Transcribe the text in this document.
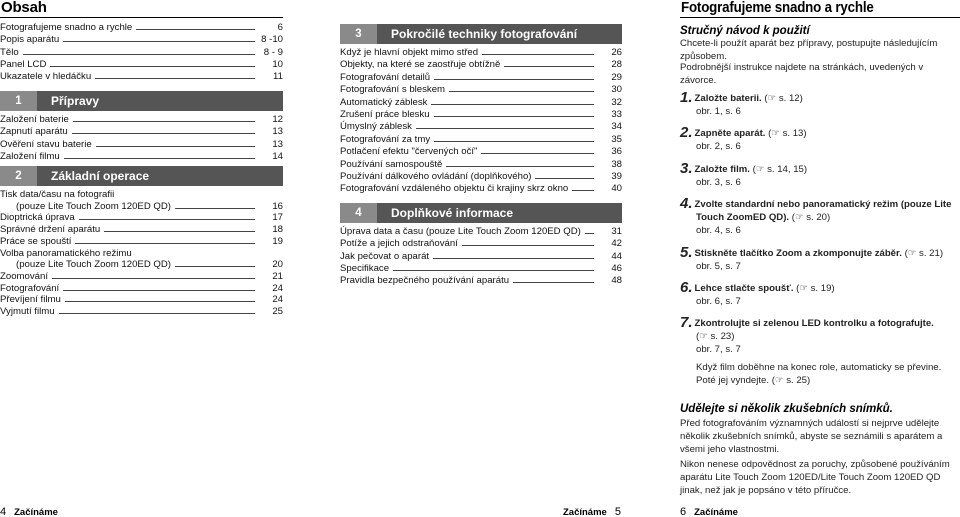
Obsah
Fotografujeme snadno a rychle	6
Popis aparátu	8 -10
Tělo	8 - 9
Panel LCD	10
Ukazatele v hledáčku	11
1	Přípravy
Založení baterie	12
Zapnutí aparátu	13
Ověření stavu baterie	13
Založení filmu	14
2	Základní operace
Tisk data/času na fotografii
(pouze Lite Touch Zoom 120ED QD)	16
Dioptrická úprava	17
Správné držení aparátu	18
Práce se spouští	19
Volba panoramatického režimu
(pouze Lite Touch Zoom 120ED QD)	20
Zoomování	21
Fotografování	24
Převíjení filmu	24
Vyjmutí filmu	25
3	Pokročilé techniky fotografování
Když je hlavní objekt mimo střed	26
Objekty, na které se zaostřuje obtížně	28
Fotografování detailů	29
Fotografování s bleskem	30
Automatický záblesk	32
Zrušení práce blesku	33
Úmyslný záblesk	34
Fotografování za tmy	35
Potlačení efektu "červených očí"	36
Používání samospouště	38
Používání dálkového ovládání (doplňkového)	39
Fotografování vzdáleného objektu či krajiny skrz okno	40
4	Doplňkové informace
Úprava data a času (pouze Lite Touch Zoom 120ED QD)	31
Potíže a jejich odstraňování	42
Jak pečovat o aparát	44
Specifikace	46
Pravidla bezpečného používání aparátu	48
Fotografujeme snadno a rychle
Stručný návod k použití
Chcete-li použít aparát bez přípravy, postupujte následujícím způsobem.
Podrobnější instrukce najdete na stránkách, uvedených v závorce.
1. Založte baterii. (☞ s. 12)
obr. 1, s. 6
2. Zapněte aparát. (☞ s. 13)
obr. 2, s. 6
3. Založte film. (☞ s. 14, 15)
obr. 3, s. 6
4. Zvolte standardní nebo panoramatický režim (pouze Lite
Touch ZoomED QD). (☞ s. 20)
obr. 4, s. 6
5. Stiskněte tlačítko Zoom a zkomponujte záběr. (☞ s. 21)
obr. 5, s. 7
6. Lehce stlačte spoušť. (☞ s. 19)
obr. 6, s. 7
7. Zkontrolujte si zelenou LED kontrolku a fotografujte.
(☞ s. 23)
obr. 7, s. 7
Když film doběhne na konec role, automaticky se převine. Poté jej vyndejte. (☞ s. 25)
Udělejte si několik zkušebních snímků.
Před fotografováním významných událostí si nejprve udělejte několik zkušebních snímků, abyste se seznámili s aparátem a všemi jeho vlastnostmi.
Nikon nenese odpovědnost za poruchy, způsobené používáním aparátu Lite Touch Zoom 120ED/Lite Touch Zoom 120ED QD jinak, než jak je popsáno v této příručce.
4 Začínáme	Začínáme 5	6 Začínáme
